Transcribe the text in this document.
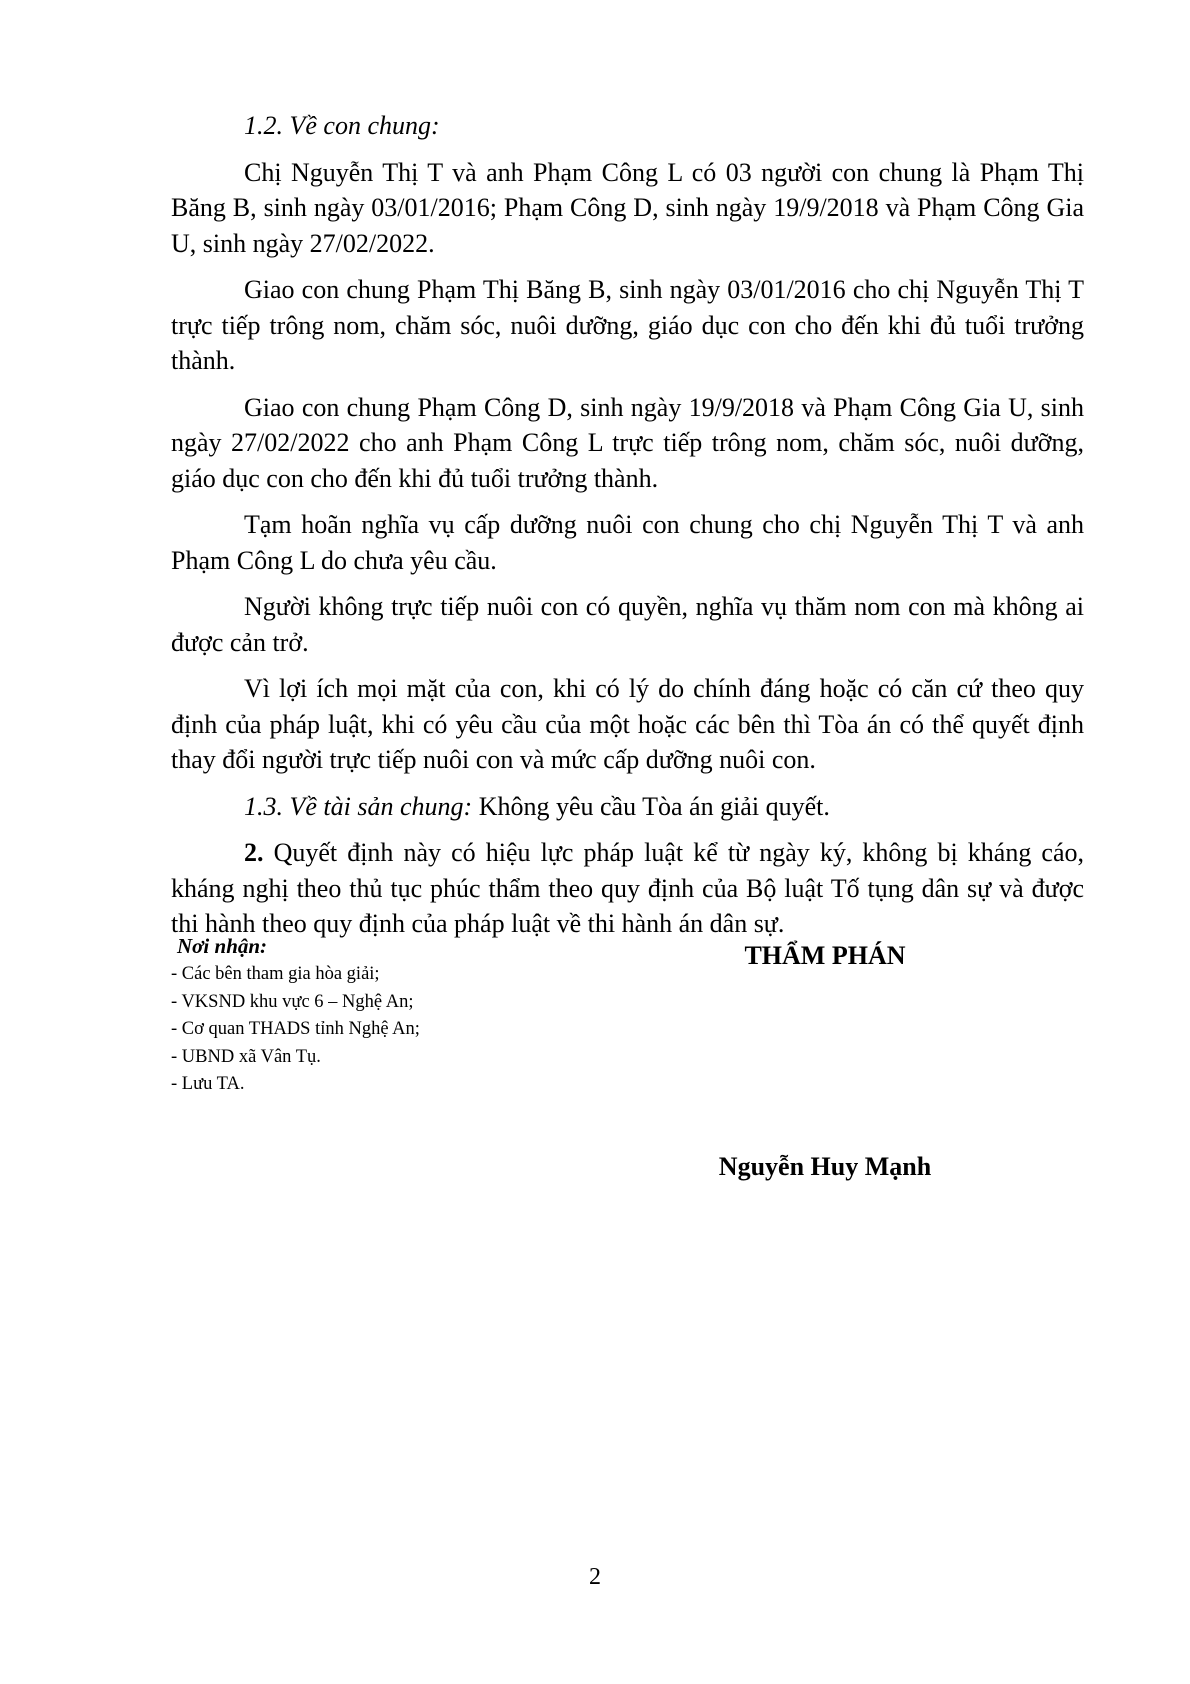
1.2. Về con chung:

Chị Nguyễn Thị T và anh Phạm Công L có 03 người con chung là Phạm Thị Băng B, sinh ngày 03/01/2016; Phạm Công D, sinh ngày 19/9/2018 và Phạm Công Gia U, sinh ngày 27/02/2022.

Giao con chung Phạm Thị Băng B, sinh ngày 03/01/2016 cho chị Nguyễn Thị T trực tiếp trông nom, chăm sóc, nuôi dưỡng, giáo dục con cho đến khi đủ tuổi trưởng thành.

Giao con chung Phạm Công D, sinh ngày 19/9/2018 và Phạm Công Gia U, sinh ngày 27/02/2022 cho anh Phạm Công L trực tiếp trông nom, chăm sóc, nuôi dưỡng, giáo dục con cho đến khi đủ tuổi trưởng thành.

Tạm hoãn nghĩa vụ cấp dưỡng nuôi con chung cho chị Nguyễn Thị T và anh Phạm Công L do chưa yêu cầu.

Người không trực tiếp nuôi con có quyền, nghĩa vụ thăm nom con mà không ai được cản trở.

Vì lợi ích mọi mặt của con, khi có lý do chính đáng hoặc có căn cứ theo quy định của pháp luật, khi có yêu cầu của một hoặc các bên thì Tòa án có thể quyết định thay đổi người trực tiếp nuôi con và mức cấp dưỡng nuôi con.

1.3. Về tài sản chung: Không yêu cầu Tòa án giải quyết.

2. Quyết định này có hiệu lực pháp luật kể từ ngày ký, không bị kháng cáo, kháng nghị theo thủ tục phúc thẩm theo quy định của Bộ luật Tố tụng dân sự và được thi hành theo quy định của pháp luật về thi hành án dân sự.

Nơi nhận:
- Các bên tham gia hòa giải;
- VKSND khu vực 6 – Nghệ An;
- Cơ quan THADS tỉnh Nghệ An;
- UBND xã Vân Tụ.
- Lưu TA.
THẨM PHÁN
Nguyễn Huy Mạnh
2
